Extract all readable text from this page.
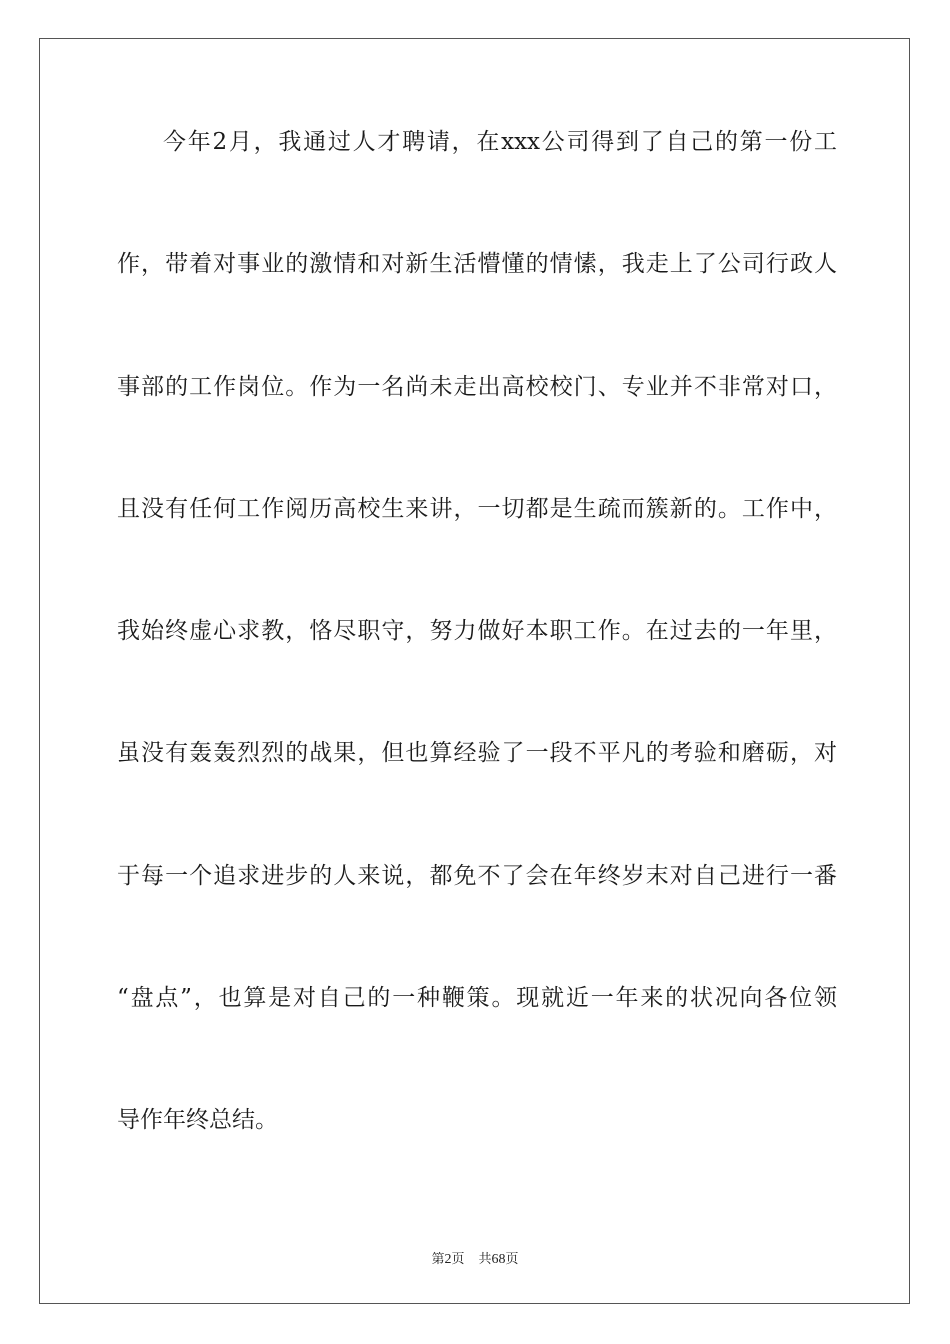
今年2月，我通过人才聘请，在xxx公司得到了自己的第一份工
作，带着对事业的激情和对新生活懵懂的情愫，我走上了公司行政人
事部的工作岗位。作为一名尚未走出高校校门、专业并不非常对口，
且没有任何工作阅历高校生来讲，一切都是生疏而簇新的。工作中，
我始终虚心求教，恪尽职守，努力做好本职工作。在过去的一年里，
虽没有轰轰烈烈的战果，但也算经验了一段不平凡的考验和磨砺，对
于每一个追求进步的人来说，都免不了会在年终岁末对自己进行一番
“盘点”，也算是对自己的一种鞭策。现就近一年来的状况向各位领
导作年终总结。
第2页 共68页
